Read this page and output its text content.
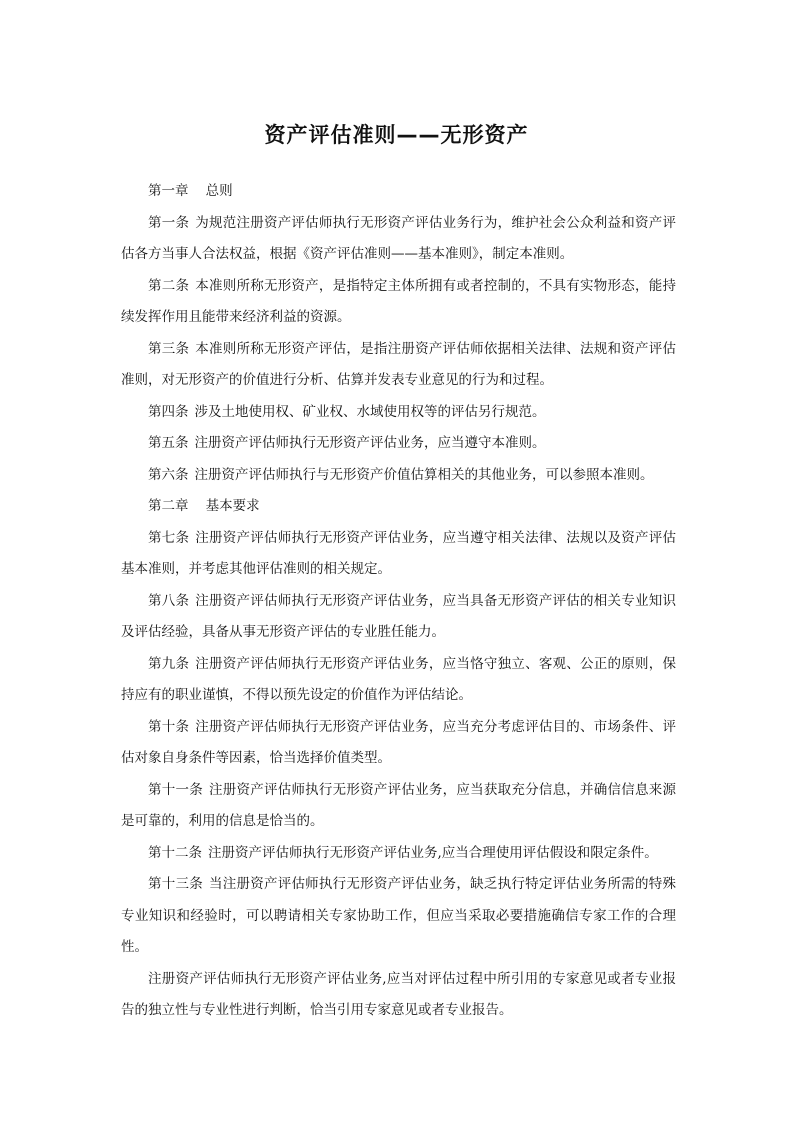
资产评估准则——无形资产

第一章 总则

第一条 为规范注册资产评估师执行无形资产评估业务行为，维护社会公众利益和资产评估各方当事人合法权益，根据《资产评估准则——基本准则》，制定本准则。

第二条 本准则所称无形资产，是指特定主体所拥有或者控制的，不具有实物形态，能持续发挥作用且能带来经济利益的资源。

第三条 本准则所称无形资产评估，是指注册资产评估师依据相关法律、法规和资产评估准则，对无形资产的价值进行分析、估算并发表专业意见的行为和过程。

第四条 涉及土地使用权、矿业权、水域使用权等的评估另行规范。

第五条 注册资产评估师执行无形资产评估业务，应当遵守本准则。

第六条 注册资产评估师执行与无形资产价值估算相关的其他业务，可以参照本准则。

第二章 基本要求

第七条 注册资产评估师执行无形资产评估业务，应当遵守相关法律、法规以及资产评估基本准则，并考虑其他评估准则的相关规定。

第八条 注册资产评估师执行无形资产评估业务，应当具备无形资产评估的相关专业知识及评估经验，具备从事无形资产评估的专业胜任能力。

第九条 注册资产评估师执行无形资产评估业务，应当恪守独立、客观、公正的原则，保持应有的职业谨慎，不得以预先设定的价值作为评估结论。

第十条 注册资产评估师执行无形资产评估业务，应当充分考虑评估目的、市场条件、评估对象自身条件等因素，恰当选择价值类型。

第十一条 注册资产评估师执行无形资产评估业务，应当获取充分信息，并确信信息来源是可靠的，利用的信息是恰当的。

第十二条 注册资产评估师执行无形资产评估业务,应当合理使用评估假设和限定条件。

第十三条 当注册资产评估师执行无形资产评估业务，缺乏执行特定评估业务所需的特殊专业知识和经验时，可以聘请相关专家协助工作，但应当采取必要措施确信专家工作的合理性。

注册资产评估师执行无形资产评估业务,应当对评估过程中所引用的专家意见或者专业报告的独立性与专业性进行判断，恰当引用专家意见或者专业报告。
